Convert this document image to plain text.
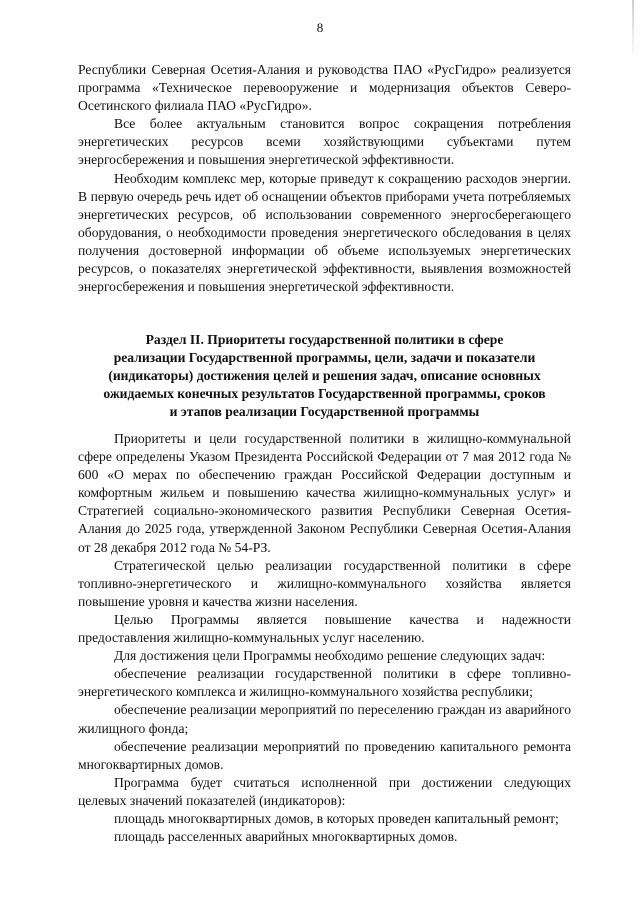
8

Республики Северная Осетия-Алания и руководства ПАО «РусГидро» реализуется программа «Техническое перевооружение и модернизация объектов Северо-Осетинского филиала ПАО «РусГидро».

Все более актуальным становится вопрос сокращения потребления энергетических ресурсов всеми хозяйствующими субъектами путем энергосбережения и повышения энергетической эффективности.

Необходим комплекс мер, которые приведут к сокращению расходов энергии. В первую очередь речь идет об оснащении объектов приборами учета потребляемых энергетических ресурсов, об использовании современного энергосберегающего оборудования, о необходимости проведения энергетического обследования в целях получения достоверной информации об объеме используемых энергетических ресурсов, о показателях энергетической эффективности, выявления возможностей энергосбережения и повышения энергетической эффективности.

Раздел II. Приоритеты государственной политики в сфере
реализации Государственной программы, цели, задачи и показатели
(индикаторы) достижения целей и решения задач, описание основных
ожидаемых конечных результатов Государственной программы, сроков
и этапов реализации Государственной программы

Приоритеты и цели государственной политики в жилищно-коммунальной сфере определены Указом Президента Российской Федерации от 7 мая 2012 года № 600 «О мерах по обеспечению граждан Российской Федерации доступным и комфортным жильем и повышению качества жилищно-коммунальных услуг» и Стратегией социально-экономического развития Республики Северная Осетия-Алания до 2025 года, утвержденной Законом Республики Северная Осетия-Алания от 28 декабря 2012 года № 54-РЗ.

Стратегической целью реализации государственной политики в сфере топливно-энергетического и жилищно-коммунального хозяйства является повышение уровня и качества жизни населения.

Целью Программы является повышение качества и надежности предоставления жилищно-коммунальных услуг населению.

Для достижения цели Программы необходимо решение следующих задач:

обеспечение реализации государственной политики в сфере топливно-энергетического комплекса и жилищно-коммунального хозяйства республики;

обеспечение реализации мероприятий по переселению граждан из аварийного жилищного фонда;

обеспечение реализации мероприятий по проведению капитального ремонта многоквартирных домов.

Программа будет считаться исполненной при достижении следующих целевых значений показателей (индикаторов):

площадь многоквартирных домов, в которых проведен капитальный ремонт;

площадь расселенных аварийных многоквартирных домов.
